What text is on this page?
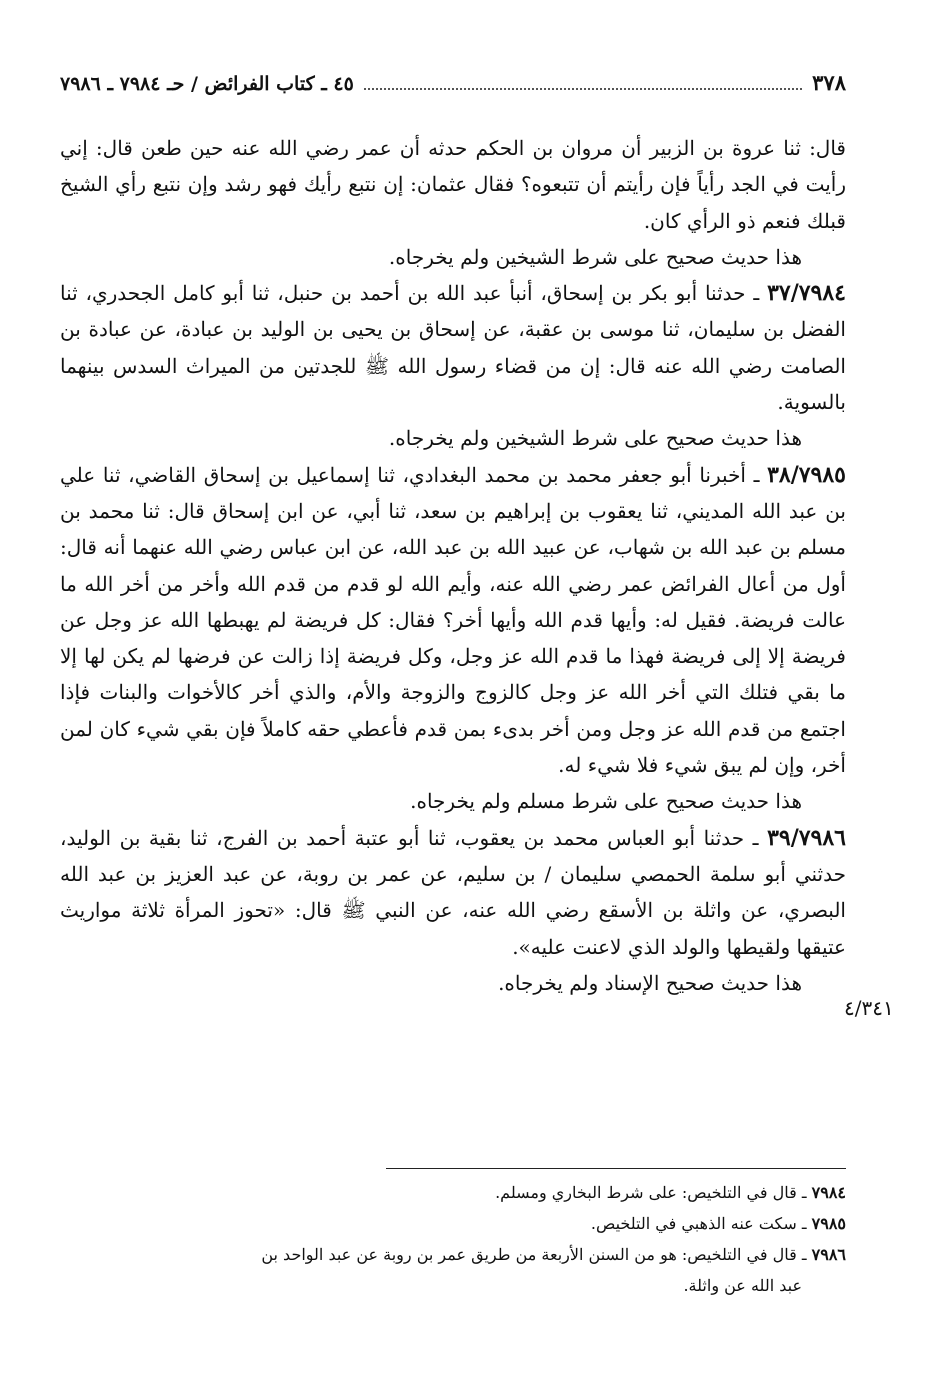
٣٧٨
٤٥ ـ كتاب الفرائض / حـ ٧٩٨٤ ـ ٧٩٨٦

قال: ثنا عروة بن الزبير أن مروان بن الحكم حدثه أن عمر رضي الله عنه حين طعن قال: إني رأيت في الجد رأياً فإن رأيتم أن تتبعوه؟ فقال عثمان: إن نتبع رأيك فهو رشد وإن نتبع رأي الشيخ قبلك فنعم ذو الرأي كان.

هذا حديث صحيح على شرط الشيخين ولم يخرجاه.

٣٧/٧٩٨٤ ـ حدثنا أبو بكر بن إسحاق، أنبأ عبد الله بن أحمد بن حنبل، ثنا أبو كامل الجحدري، ثنا الفضل بن سليمان، ثنا موسى بن عقبة، عن إسحاق بن يحيى بن الوليد بن عبادة، عن عبادة بن الصامت رضي الله عنه قال: إن من قضاء رسول الله ﷺ للجدتين من الميراث السدس بينهما بالسوية.

هذا حديث صحيح على شرط الشيخين ولم يخرجاه.

٣٨/٧٩٨٥ ـ أخبرنا أبو جعفر محمد بن محمد البغدادي، ثنا إسماعيل بن إسحاق القاضي، ثنا علي بن عبد الله المديني، ثنا يعقوب بن إبراهيم بن سعد، ثنا أبي، عن ابن إسحاق قال: ثنا محمد بن مسلم بن عبد الله بن شهاب، عن عبيد الله بن عبد الله، عن ابن عباس رضي الله عنهما أنه قال: أول من أعال الفرائض عمر رضي الله عنه، وأيم الله لو قدم من قدم الله وأخر من أخر الله ما عالت فريضة. فقيل له: وأيها قدم الله وأيها أخر؟ فقال: كل فريضة لم يهبطها الله عز وجل عن فريضة إلا إلى فريضة فهذا ما قدم الله عز وجل، وكل فريضة إذا زالت عن فرضها لم يكن لها إلا ما بقي فتلك التي أخر الله عز وجل كالزوج والزوجة والأم، والذي أخر كالأخوات والبنات فإذا اجتمع من قدم الله عز وجل ومن أخر بدىء بمن قدم فأعطي حقه كاملاً فإن بقي شيء كان لمن أخر، وإن لم يبق شيء فلا شيء له.

هذا حديث صحيح على شرط مسلم ولم يخرجاه.

٣٩/٧٩٨٦ ـ حدثنا أبو العباس محمد بن يعقوب، ثنا أبو عتبة أحمد بن الفرج، ثنا بقية بن الوليد، حدثني أبو سلمة الحمصي سليمان / بن سليم، عن عمر بن روبة، عن عبد العزيز بن عبد الله البصري، عن واثلة بن الأسقع رضي الله عنه، عن النبي ﷺ قال: «تحوز المرأة ثلاثة مواريث عتيقها ولقيطها والولد الذي لاعنت عليه».

هذا حديث صحيح الإسناد ولم يخرجاه.

٤/٣٤١
٧٩٨٤ ـ قال في التلخيص: على شرط البخاري ومسلم.
٧٩٨٥ ـ سكت عنه الذهبي في التلخيص.
٧٩٨٦ ـ قال في التلخيص: هو من السنن الأربعة من طريق عمر بن روبة عن عبد الواحد بن
عبد الله عن واثلة.
